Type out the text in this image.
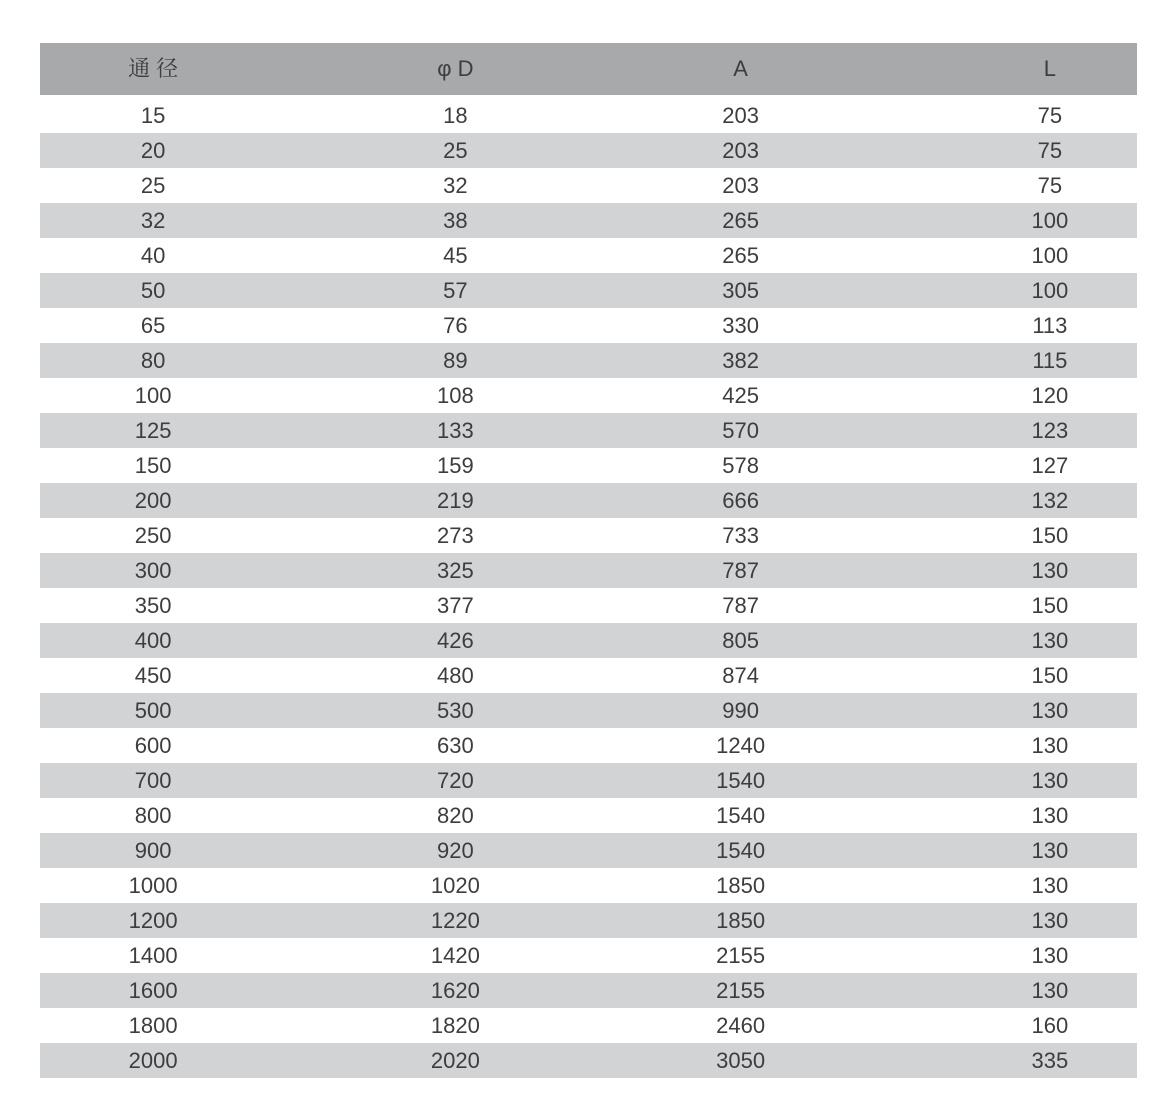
通 径	φ D	A	L
15	18	203	75
20	25	203	75
25	32	203	75
32	38	265	100
40	45	265	100
50	57	305	100
65	76	330	113
80	89	382	115
100	108	425	120
125	133	570	123
150	159	578	127
200	219	666	132
250	273	733	150
300	325	787	130
350	377	787	150
400	426	805	130
450	480	874	150
500	530	990	130
600	630	1240	130
700	720	1540	130
800	820	1540	130
900	920	1540	130
1000	1020	1850	130
1200	1220	1850	130
1400	1420	2155	130
1600	1620	2155	130
1800	1820	2460	160
2000	2020	3050	335
